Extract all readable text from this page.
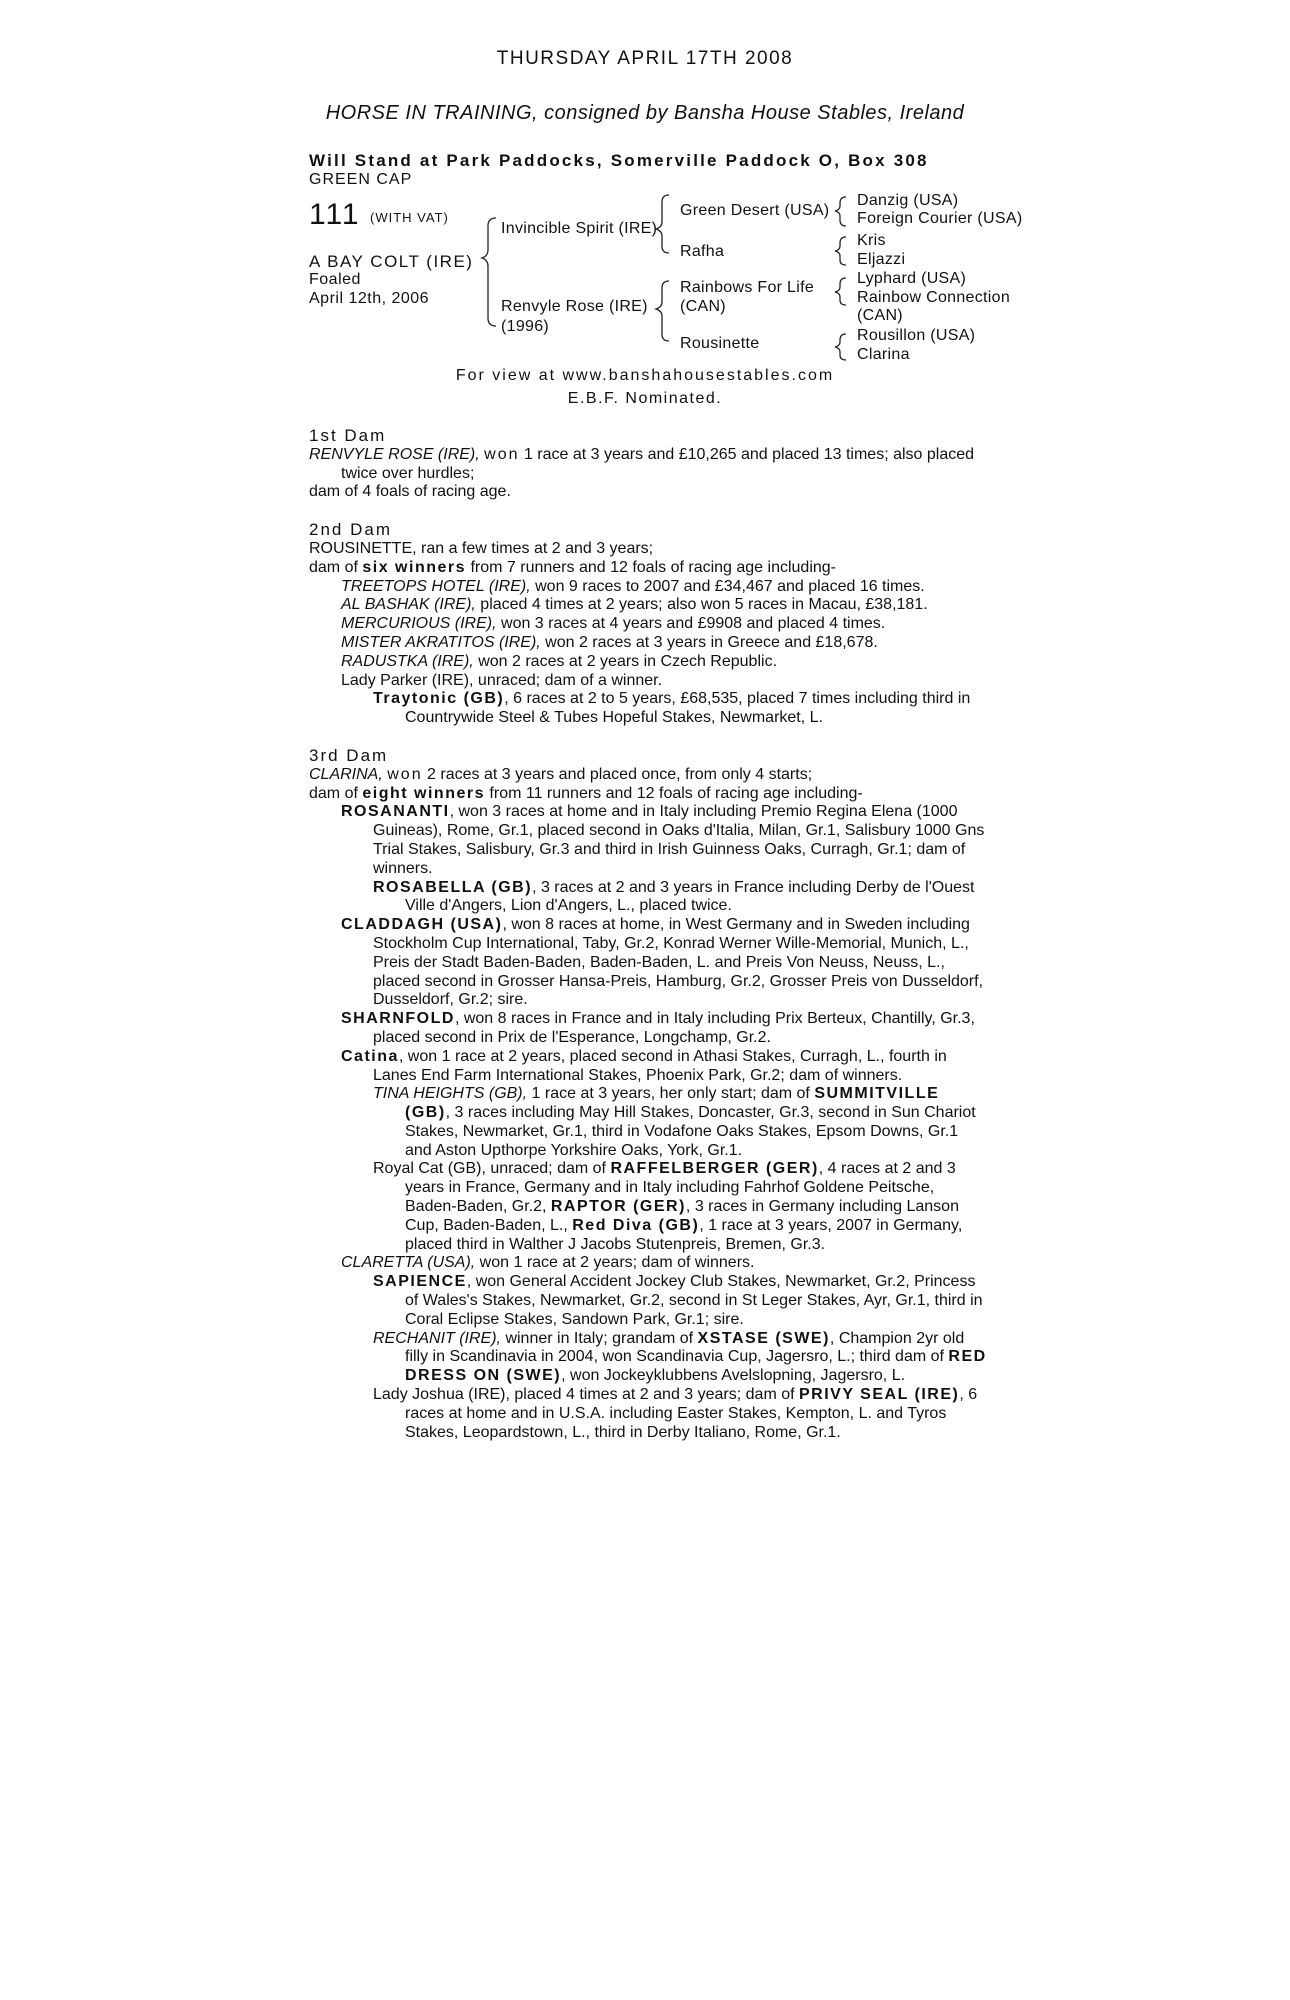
THURSDAY APRIL 17TH 2008
HORSE IN TRAINING, consigned by Bansha House Stables, Ireland
Will Stand at Park Paddocks, Somerville Paddock O, Box 308
GREEN CAP
111 (WITH VAT)
A BAY COLT (IRE)
Foaled
April 12th, 2006
Invincible Spirit (IRE)
Renvyle Rose (IRE)
(1996)
Green Desert (USA)
Rafha
Rainbows For Life
(CAN)
Rousinette
Danzig (USA)
Foreign Courier (USA)
Kris
Eljazzi
Lyphard (USA)
Rainbow Connection
(CAN)
Rousillon (USA)
Clarina
For view at www.banshahousestables.com
E.B.F. Nominated.
1st Dam
RENVYLE ROSE (IRE), won 1 race at 3 years and £10,265 and placed 13 times; also placed twice over hurdles;
dam of 4 foals of racing age.
2nd Dam
ROUSINETTE, ran a few times at 2 and 3 years;
dam of six winners from 7 runners and 12 foals of racing age including-
TREETOPS HOTEL (IRE), won 9 races to 2007 and £34,467 and placed 16 times.
AL BASHAK (IRE), placed 4 times at 2 years; also won 5 races in Macau, £38,181.
MERCURIOUS (IRE), won 3 races at 4 years and £9908 and placed 4 times.
MISTER AKRATITOS (IRE), won 2 races at 3 years in Greece and £18,678.
RADUSTKA (IRE), won 2 races at 2 years in Czech Republic.
Lady Parker (IRE), unraced; dam of a winner.
Traytonic (GB), 6 races at 2 to 5 years, £68,535, placed 7 times including third in Countrywide Steel & Tubes Hopeful Stakes, Newmarket, L.
3rd Dam
CLARINA, won 2 races at 3 years and placed once, from only 4 starts;
dam of eight winners from 11 runners and 12 foals of racing age including-
ROSANANTI, won 3 races at home and in Italy including Premio Regina Elena (1000 Guineas), Rome, Gr.1, placed second in Oaks d'Italia, Milan, Gr.1, Salisbury 1000 Gns Trial Stakes, Salisbury, Gr.3 and third in Irish Guinness Oaks, Curragh, Gr.1; dam of winners.
ROSABELLA (GB), 3 races at 2 and 3 years in France including Derby de l'Ouest Ville d'Angers, Lion d'Angers, L., placed twice.
CLADDAGH (USA), won 8 races at home, in West Germany and in Sweden including Stockholm Cup International, Taby, Gr.2, Konrad Werner Wille-Memorial, Munich, L., Preis der Stadt Baden-Baden, Baden-Baden, L. and Preis Von Neuss, Neuss, L., placed second in Grosser Hansa-Preis, Hamburg, Gr.2, Grosser Preis von Dusseldorf, Dusseldorf, Gr.2; sire.
SHARNFOLD, won 8 races in France and in Italy including Prix Berteux, Chantilly, Gr.3, placed second in Prix de l'Esperance, Longchamp, Gr.2.
Catina, won 1 race at 2 years, placed second in Athasi Stakes, Curragh, L., fourth in Lanes End Farm International Stakes, Phoenix Park, Gr.2; dam of winners.
TINA HEIGHTS (GB), 1 race at 3 years, her only start; dam of SUMMITVILLE (GB), 3 races including May Hill Stakes, Doncaster, Gr.3, second in Sun Chariot Stakes, Newmarket, Gr.1, third in Vodafone Oaks Stakes, Epsom Downs, Gr.1 and Aston Upthorpe Yorkshire Oaks, York, Gr.1.
Royal Cat (GB), unraced; dam of RAFFELBERGER (GER), 4 races at 2 and 3 years in France, Germany and in Italy including Fahrhof Goldene Peitsche, Baden-Baden, Gr.2, RAPTOR (GER), 3 races in Germany including Lanson Cup, Baden-Baden, L., Red Diva (GB), 1 race at 3 years, 2007 in Germany, placed third in Walther J Jacobs Stutenpreis, Bremen, Gr.3.
CLARETTA (USA), won 1 race at 2 years; dam of winners.
SAPIENCE, won General Accident Jockey Club Stakes, Newmarket, Gr.2, Princess of Wales's Stakes, Newmarket, Gr.2, second in St Leger Stakes, Ayr, Gr.1, third in Coral Eclipse Stakes, Sandown Park, Gr.1; sire.
RECHANIT (IRE), winner in Italy; grandam of XSTASE (SWE), Champion 2yr old filly in Scandinavia in 2004, won Scandinavia Cup, Jagersro, L.; third dam of RED DRESS ON (SWE), won Jockeyklubbens Avelslopning, Jagersro, L.
Lady Joshua (IRE), placed 4 times at 2 and 3 years; dam of PRIVY SEAL (IRE), 6 races at home and in U.S.A. including Easter Stakes, Kempton, L. and Tyros Stakes, Leopardstown, L., third in Derby Italiano, Rome, Gr.1.
